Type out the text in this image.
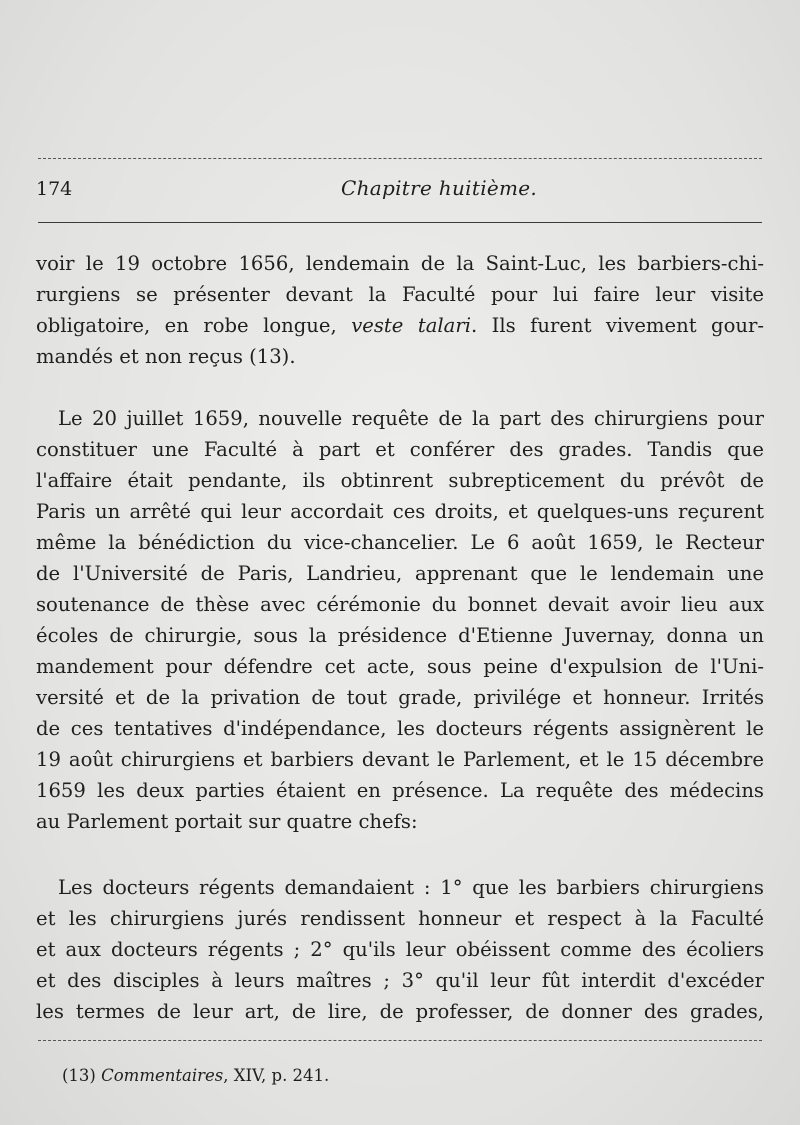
174	Chapitre huitième.
voir le 19 octobre 1656, lendemain de la Saint-Luc, les barbiers-chi-
rurgiens se présenter devant la Faculté pour lui faire leur visite
obligatoire, en robe longue, veste talari. Ils furent vivement gour-
mandés et non reçus (13).
Le 20 juillet 1659, nouvelle requête de la part des chirurgiens pour
constituer une Faculté à part et conférer des grades. Tandis que
l'affaire était pendante, ils obtinrent subrepticement du prévôt de
Paris un arrêté qui leur accordait ces droits, et quelques-uns reçurent
même la bénédiction du vice-chancelier. Le 6 août 1659, le Recteur
de l'Université de Paris, Landrieu, apprenant que le lendemain une
soutenance de thèse avec cérémonie du bonnet devait avoir lieu aux
écoles de chirurgie, sous la présidence d'Etienne Juvernay, donna un
mandement pour défendre cet acte, sous peine d'expulsion de l'Uni-
versité et de la privation de tout grade, privilége et honneur. Irrités
de ces tentatives d'indépendance, les docteurs régents assignèrent le
19 août chirurgiens et barbiers devant le Parlement, et le 15 décembre
1659 les deux parties étaient en présence. La requête des médecins
au Parlement portait sur quatre chefs:
Les docteurs régents demandaient : 1° que les barbiers chirurgiens
et les chirurgiens jurés rendissent honneur et respect à la Faculté
et aux docteurs régents ; 2° qu'ils leur obéissent comme des écoliers
et des disciples à leurs maîtres ; 3° qu'il leur fût interdit d'excéder
les termes de leur art, de lire, de professer, de donner des grades,
(13) Commentaires, XIV, p. 241.
